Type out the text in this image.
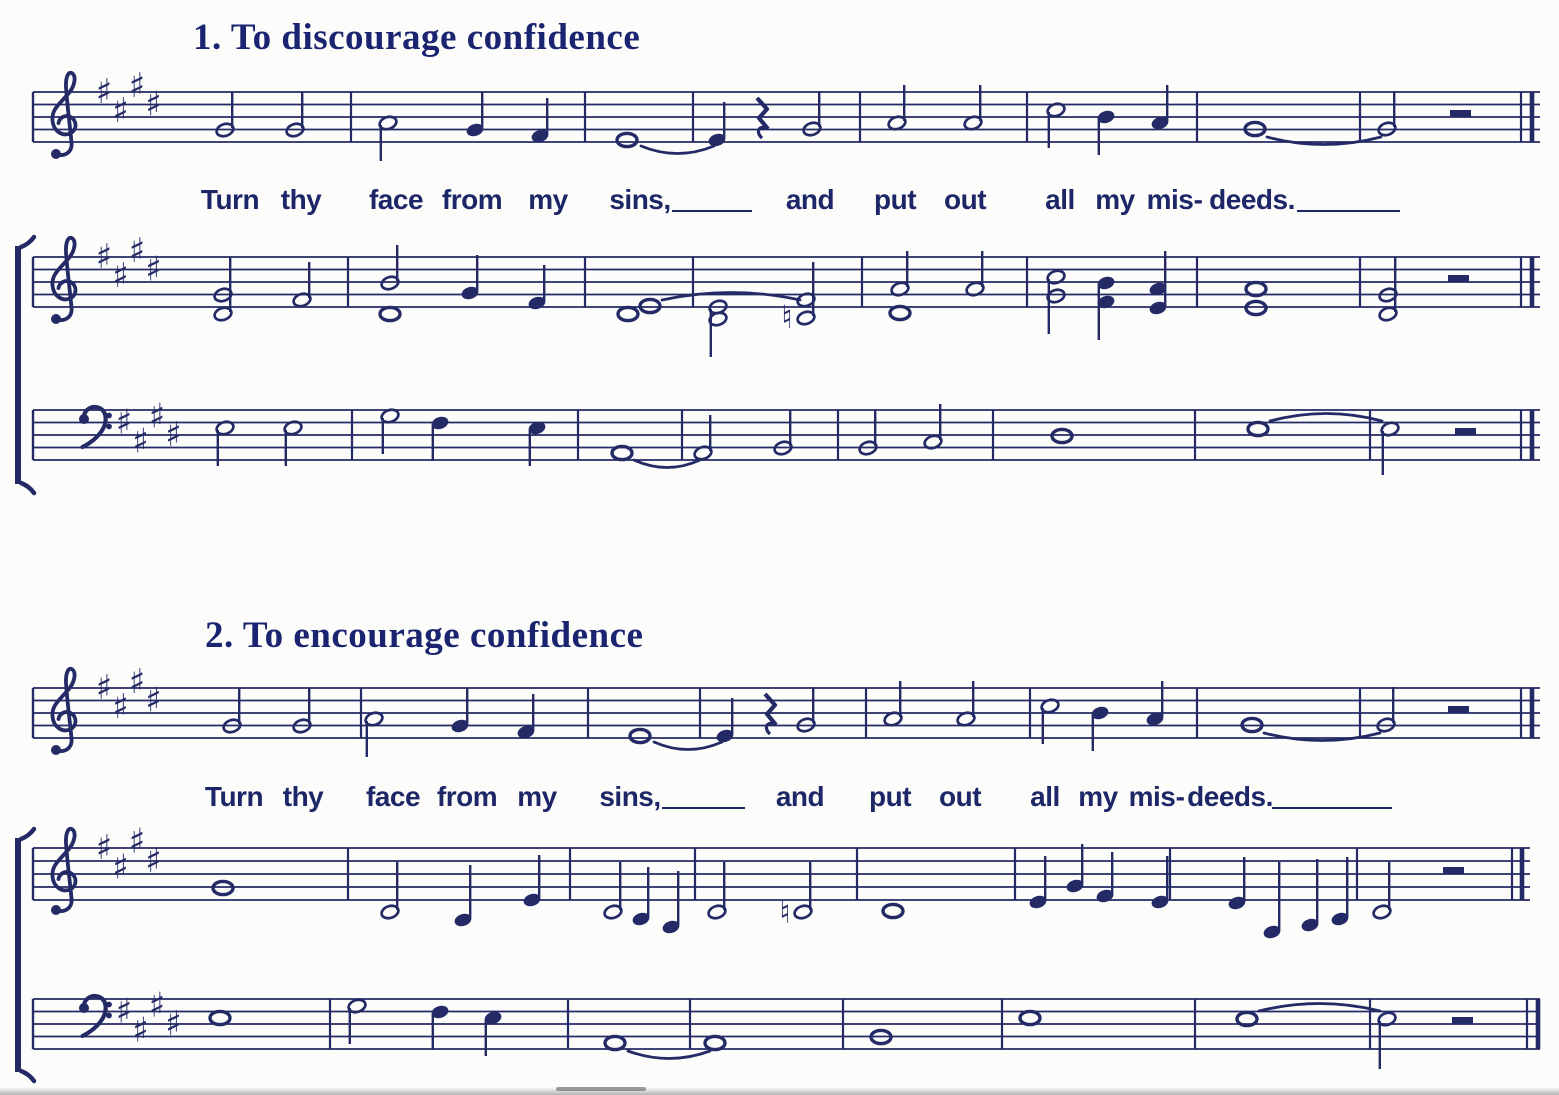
1. To discourage confidence
2. To encourage confidence
♯ ♯
♯ ♯
♯ ♯
♯ ♯
♮
♯ ♯
♯ ♯
♯ ♯
♯ ♯
♯ ♯
♯ ♯
♮
♯ ♯
♯ ♯
Turn thy face from my sins,	and put out all my mis - deeds.
Turn thy face from my sins,	and put out all my mis - deeds.
